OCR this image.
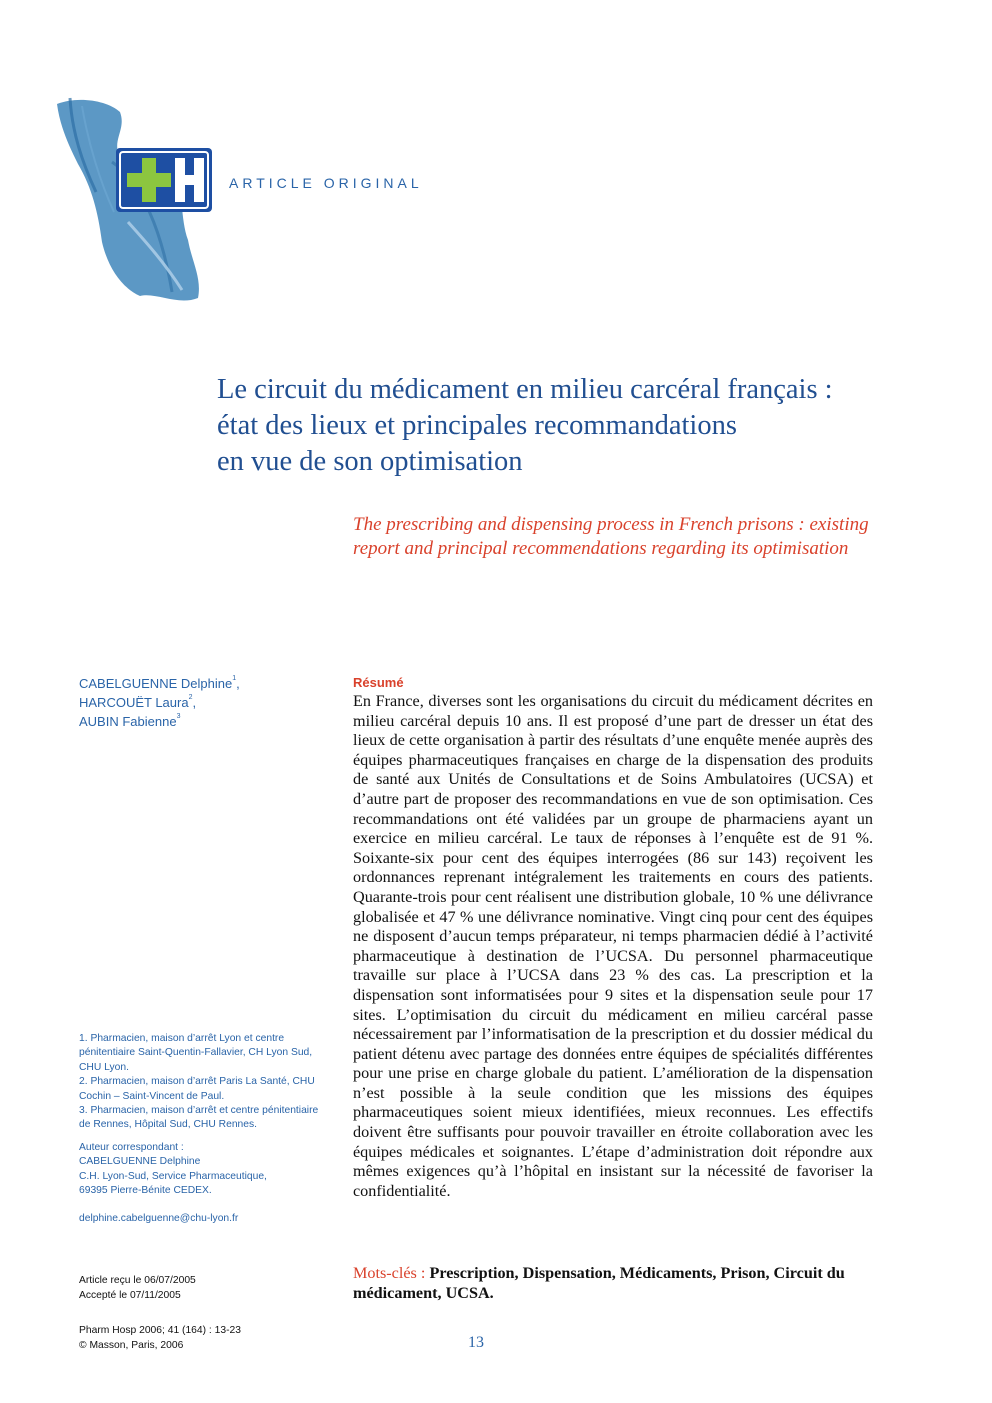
ARTICLE ORIGINAL
Le circuit du médicament en milieu carcéral français :
état des lieux et principales recommandations
en vue de son optimisation

The prescribing and dispensing process in French prisons : existing
report and principal recommendations regarding its optimisation

CABELGUENNE Delphine$^1$,
HARCOUËT Laura$^2$,
AUBIN Fabienne$^3$

1. Pharmacien, maison d’arrêt Lyon et centre pénitentiaire Saint-Quentin-Fallavier, CH Lyon Sud, CHU Lyon.

2. Pharmacien, maison d’arrêt Paris La Santé, CHU Cochin – Saint-Vincent de Paul.

3. Pharmacien, maison d’arrêt et centre pénitentiaire de Rennes, Hôpital Sud, CHU Rennes.

Auteur correspondant :

CABELGUENNE Delphine

C.H. Lyon-Sud, Service Pharmaceutique,

69395 Pierre-Bénite CEDEX.

delphine.cabelguenne@chu-lyon.fr

Article reçu le 06/07/2005

Accepté le 07/11/2005

Pharm Hosp 2006; 41 (164) : 13-23

© Masson, Paris, 2006

Résumé

En France, diverses sont les organisations du circuit du médicament décrites en milieu carcéral depuis 10 ans. Il est proposé d’une part de dresser un état des lieux de cette organisation à partir des résultats d’une enquête menée auprès des équipes pharmaceutiques françaises en charge de la dispensation des produits de santé aux Unités de Consultations et de Soins Ambulatoires (UCSA) et d’autre part de proposer des recommandations en vue de son optimisation. Ces recommandations ont été validées par un groupe de pharmaciens ayant un exercice en milieu carcéral. Le taux de réponses à l’enquête est de 91 %. Soixante-six pour cent des équipes interrogées (86 sur 143) reçoivent les ordonnances reprenant intégralement les traitements en cours des patients. Quarante-trois pour cent réalisent une distribution globale, 10 % une délivrance globalisée et 47 % une délivrance nominative. Vingt cinq pour cent des équipes ne disposent d’aucun temps préparateur, ni temps pharmacien dédié à l’activité pharmaceutique à destination de l’UCSA. Du personnel pharmaceutique travaille sur place à l’UCSA dans 23 % des cas. La prescription et la dispensation sont informatisées pour 9 sites et la dispensation seule pour 17 sites. L’optimisation du circuit du médicament en milieu carcéral passe nécessairement par l’informatisation de la prescription et du dossier médical du patient détenu avec partage des données entre équipes de spécialités différentes pour une prise en charge globale du patient. L’amélioration de la dispensation n’est possible à la seule condition que les missions des équipes pharmaceutiques soient mieux identifiées, mieux reconnues. Les effectifs doivent être suffisants pour pouvoir travailler en étroite collaboration avec les équipes médicales et soignantes. L’étape d’administration doit répondre aux mêmes exigences qu’à l’hôpital en insistant sur la nécessité de favoriser la confidentialité.

Mots-clés : Prescription, Dispensation, Médicaments, Prison, Circuit du médicament, UCSA.

13
